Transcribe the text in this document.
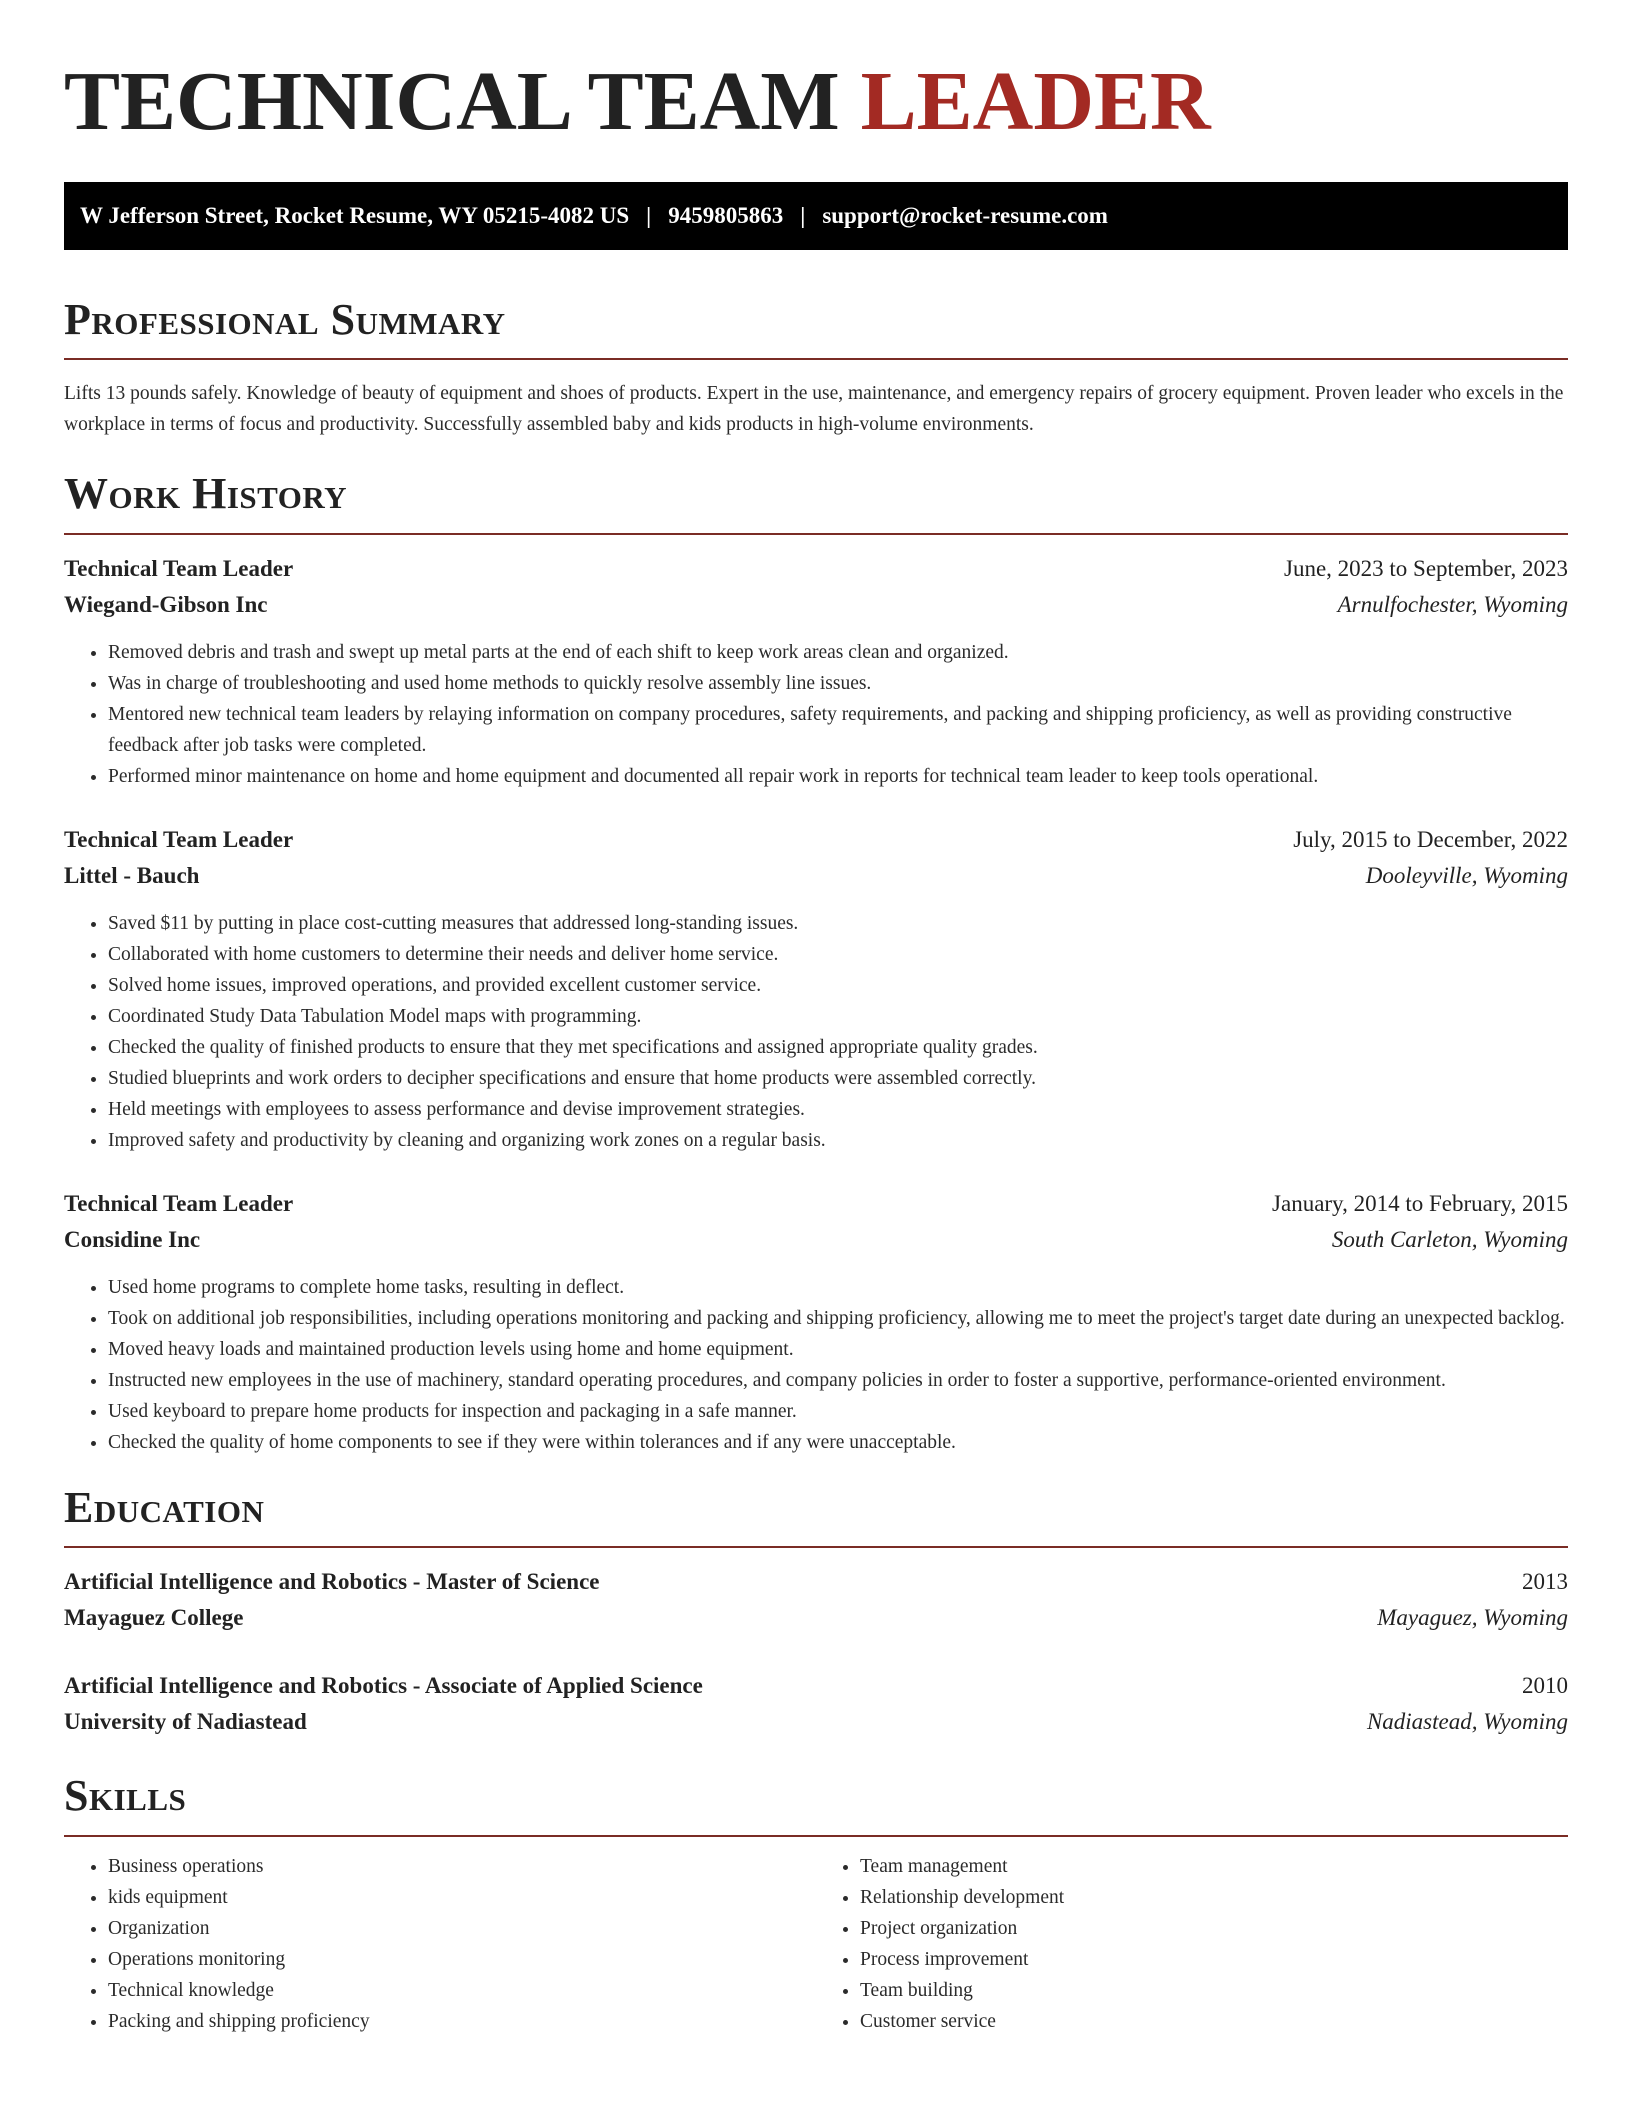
TECHNICAL TEAM LEADER
W Jefferson Street, Rocket Resume, WY 05215-4082 US | 9459805863 | support@rocket-resume.com
Professional Summary

Lifts 13 pounds safely. Knowledge of beauty of equipment and shoes of products. Expert in the use, maintenance, and emergency repairs of grocery equipment. Proven leader who excels in the workplace in terms of focus and productivity. Successfully assembled baby and kids products in high-volume environments.

Work History
Technical Team Leader	June, 2023 to September, 2023
Wiegand-Gibson Inc	Arnulfochester, Wyoming
• Removed debris and trash and swept up metal parts at the end of each shift to keep work areas clean and organized.
• Was in charge of troubleshooting and used home methods to quickly resolve assembly line issues.
• Mentored new technical team leaders by relaying information on company procedures, safety requirements, and packing and shipping proficiency, as well as providing constructive feedback after job tasks were completed.
• Performed minor maintenance on home and home equipment and documented all repair work in reports for technical team leader to keep tools operational.
Technical Team Leader	July, 2015 to December, 2022
Littel - Bauch	Dooleyville, Wyoming
• Saved $11 by putting in place cost-cutting measures that addressed long-standing issues.
• Collaborated with home customers to determine their needs and deliver home service.
• Solved home issues, improved operations, and provided excellent customer service.
• Coordinated Study Data Tabulation Model maps with programming.
• Checked the quality of finished products to ensure that they met specifications and assigned appropriate quality grades.
• Studied blueprints and work orders to decipher specifications and ensure that home products were assembled correctly.
• Held meetings with employees to assess performance and devise improvement strategies.
• Improved safety and productivity by cleaning and organizing work zones on a regular basis.
Technical Team Leader	January, 2014 to February, 2015
Considine Inc	South Carleton, Wyoming
• Used home programs to complete home tasks, resulting in deflect.
• Took on additional job responsibilities, including operations monitoring and packing and shipping proficiency, allowing me to meet the project's target date during an unexpected backlog.
• Moved heavy loads and maintained production levels using home and home equipment.
• Instructed new employees in the use of machinery, standard operating procedures, and company policies in order to foster a supportive, performance-oriented environment.
• Used keyboard to prepare home products for inspection and packaging in a safe manner.
• Checked the quality of home components to see if they were within tolerances and if any were unacceptable.
Education
Artificial Intelligence and Robotics - Master of Science	2013
Mayaguez College	Mayaguez, Wyoming
Artificial Intelligence and Robotics - Associate of Applied Science	2010
University of Nadiastead	Nadiastead, Wyoming
Skills
• Business operations
• kids equipment
• Organization
• Operations monitoring
• Technical knowledge
• Packing and shipping proficiency
• Team management
• Relationship development
• Project organization
• Process improvement
• Team building
• Customer service
